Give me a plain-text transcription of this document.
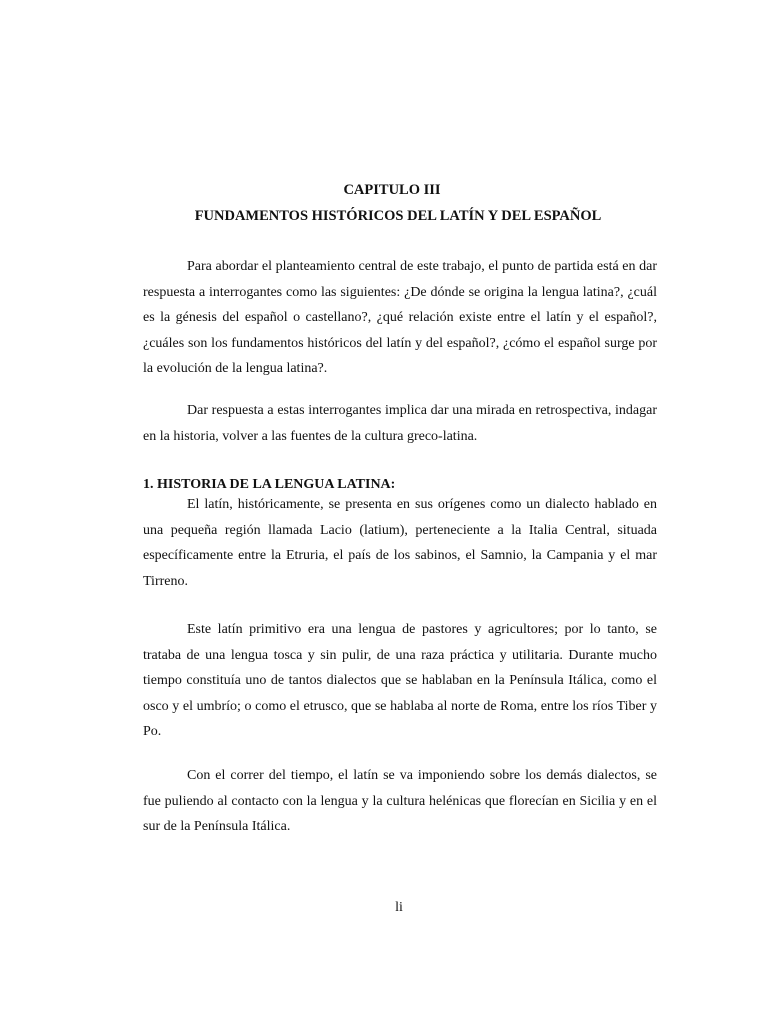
CAPITULO III
FUNDAMENTOS HISTÓRICOS DEL LATÍN Y DEL ESPAÑOL

Para abordar el planteamiento central de este trabajo, el punto de partida está en dar respuesta a interrogantes como las siguientes: ¿De dónde se origina la lengua latina?, ¿cuál es la génesis del español o castellano?, ¿qué relación existe entre el latín y el español?, ¿cuáles son los fundamentos históricos del latín y del español?, ¿cómo el español surge por la evolución de la lengua latina?.

Dar respuesta a estas interrogantes implica dar una mirada en retrospectiva, indagar en la historia, volver a las fuentes de la cultura greco-latina.

1. HISTORIA DE LA LENGUA LATINA:

El latín, históricamente, se presenta en sus orígenes como un dialecto hablado en una pequeña región llamada Lacio (latium), perteneciente a la Italia Central, situada específicamente entre la Etruria, el país de los sabinos, el Samnio, la Campania y el mar Tirreno.

Este latín primitivo era una lengua de pastores y agricultores; por lo tanto, se trataba de una lengua tosca y sin pulir, de una raza práctica y utilitaria. Durante mucho tiempo constituía uno de tantos dialectos que se hablaban en la Península Itálica, como el osco y el umbrío; o como el etrusco, que se hablaba al norte de Roma, entre los ríos Tiber y Po.

Con el correr del tiempo, el latín se va imponiendo sobre los demás dialectos, se fue puliendo al contacto con la lengua y la cultura helénicas que florecían en Sicilia y en el sur de la Península Itálica.

li
